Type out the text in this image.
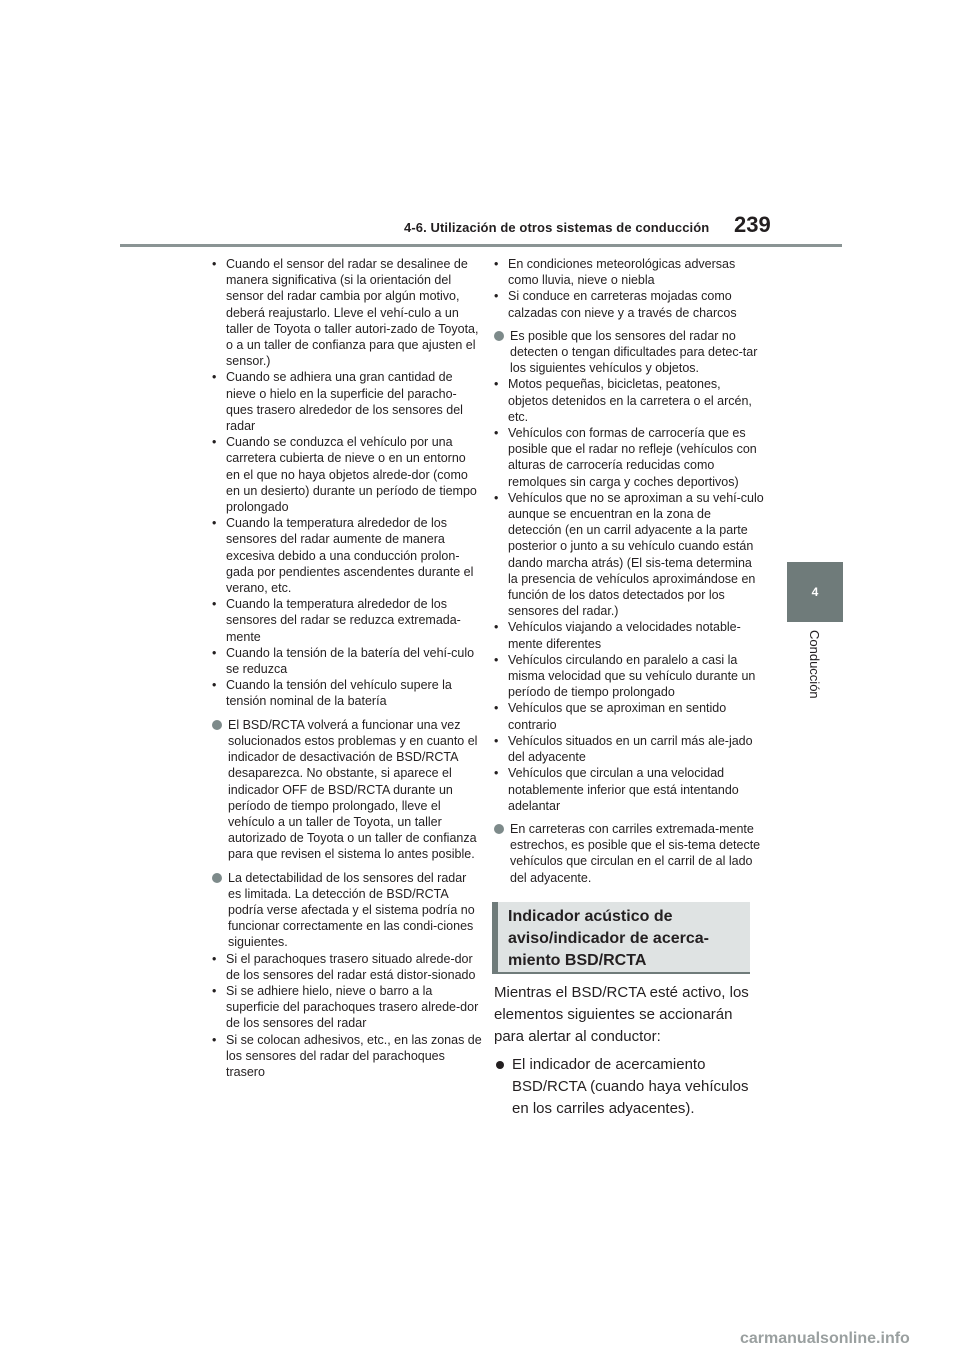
4-6. Utilización de otros sistemas de conducción 239
4
Conducción
• Cuando el sensor del radar se desalinee de manera significativa (si la orientación del sensor del radar cambia por algún motivo, deberá reajustarlo. Lleve el vehí-culo a un taller de Toyota o taller autori-zado de Toyota, o a un taller de confianza para que ajusten el sensor.)
• Cuando se adhiera una gran cantidad de nieve o hielo en la superficie del paracho-ques trasero alrededor de los sensores del radar
• Cuando se conduzca el vehículo por una carretera cubierta de nieve o en un entorno en el que no haya objetos alrede-dor (como en un desierto) durante un período de tiempo prolongado
• Cuando la temperatura alrededor de los sensores del radar aumente de manera excesiva debido a una conducción prolon-gada por pendientes ascendentes durante el verano, etc.
• Cuando la temperatura alrededor de los sensores del radar se reduzca extremada-mente
• Cuando la tensión de la batería del vehí-culo se reduzca
• Cuando la tensión del vehículo supere la tensión nominal de la batería
El BSD/RCTA volverá a funcionar una vez solucionados estos problemas y en cuanto el indicador de desactivación de BSD/RCTA desaparezca. No obstante, si aparece el indicador OFF de BSD/RCTA durante un período de tiempo prolongado, lleve el vehículo a un taller de Toyota, un taller autorizado de Toyota o un taller de confianza para que revisen el sistema lo antes posible.
La detectabilidad de los sensores del radar es limitada. La detección de BSD/RCTA podría verse afectada y el sistema podría no funcionar correctamente en las condi-ciones siguientes.
• Si el parachoques trasero situado alrede-dor de los sensores del radar está distor-sionado
• Si se adhiere hielo, nieve o barro a la superficie del parachoques trasero alrede-dor de los sensores del radar
• Si se colocan adhesivos, etc., en las zonas de los sensores del radar del parachoques trasero
• En condiciones meteorológicas adversas como lluvia, nieve o niebla
• Si conduce en carreteras mojadas como calzadas con nieve y a través de charcos
Es posible que los sensores del radar no detecten o tengan dificultades para detec-tar los siguientes vehículos y objetos.
• Motos pequeñas, bicicletas, peatones, objetos detenidos en la carretera o el arcén, etc.
• Vehículos con formas de carrocería que es posible que el radar no refleje (vehículos con alturas de carrocería reducidas como remolques sin carga y coches deportivos)
• Vehículos que no se aproximan a su vehí-culo aunque se encuentran en la zona de detección (en un carril adyacente a la parte posterior o junto a su vehículo cuando están dando marcha atrás) (El sis-tema determina la presencia de vehículos aproximándose en función de los datos detectados por los sensores del radar.)
• Vehículos viajando a velocidades notable-mente diferentes
• Vehículos circulando en paralelo a casi la misma velocidad que su vehículo durante un período de tiempo prolongado
• Vehículos que se aproximan en sentido contrario
• Vehículos situados en un carril más ale-jado del adyacente
• Vehículos que circulan a una velocidad notablemente inferior que está intentando adelantar
En carreteras con carriles extremada-mente estrechos, es posible que el sis-tema detecte vehículos que circulan en el carril de al lado del adyacente.
Indicador acústico de
aviso/indicador de acerca-
miento BSD/RCTA
Mientras el BSD/RCTA esté activo, los elementos siguientes se accionarán para alertar al conductor:
El indicador de acercamiento BSD/RCTA (cuando haya vehículos en los carriles adyacentes).
carmanualsonline.info
